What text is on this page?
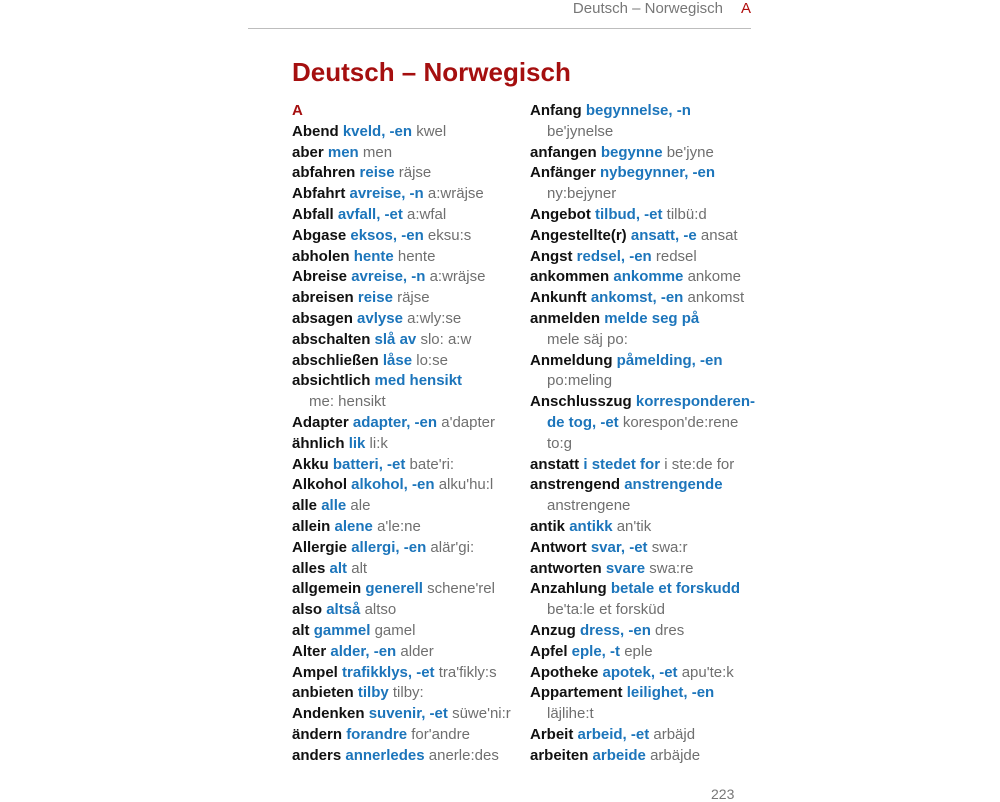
Deutsch – Norwegisch A
Deutsch – Norwegisch
A
Abend kveld, -en kwel
aber men men
abfahren reise räjse
Abfahrt avreise, -n a:wräjse
Abfall avfall, -et a:wfal
Abgase eksos, -en eksu:s
abholen hente hente
Abreise avreise, -n a:wräjse
abreisen reise räjse
absagen avlyse a:wly:se
abschalten slå av slo: a:w
abschließen låse lo:se
absichtlich med hensikt
me: hensikt
Adapter adapter, -en a'dapter
ähnlich lik li:k
Akku batteri, -et bate'ri:
Alkohol alkohol, -en alku'hu:l
alle alle ale
allein alene a'le:ne
Allergie allergi, -en alär'gi:
alles alt alt
allgemein generell schene'rel
also altså altso
alt gammel gamel
Alter alder, -en alder
Ampel trafikklys, -et tra'fikly:s
anbieten tilby tilby:
Andenken suvenir, -et süwe'ni:r
ändern forandre for'andre
anders annerledes anerle:des
Anfang begynnelse, -n
be'jynelse
anfangen begynne be'jyne
Anfänger nybegynner, -en
ny:bejyner
Angebot tilbud, -et tilbü:d
Angestellte(r) ansatt, -e ansat
Angst redsel, -en redsel
ankommen ankomme ankome
Ankunft ankomst, -en ankomst
anmelden melde seg på
mele säj po:
Anmeldung påmelding, -en
po:meling
Anschlusszug korresponderen-
de tog, -et korespon'de:rene
to:g
anstatt i stedet for i ste:de for
anstrengend anstrengende
anstrengene
antik antikk an'tik
Antwort svar, -et swa:r
antworten svare swa:re
Anzahlung betale et forskudd
be'ta:le et forsküd
Anzug dress, -en dres
Apfel eple, -t eple
Apotheke apotek, -et apu'te:k
Appartement leilighet, -en
läjlihe:t
Arbeit arbeid, -et arbäjd
arbeiten arbeide arbäjde
223
